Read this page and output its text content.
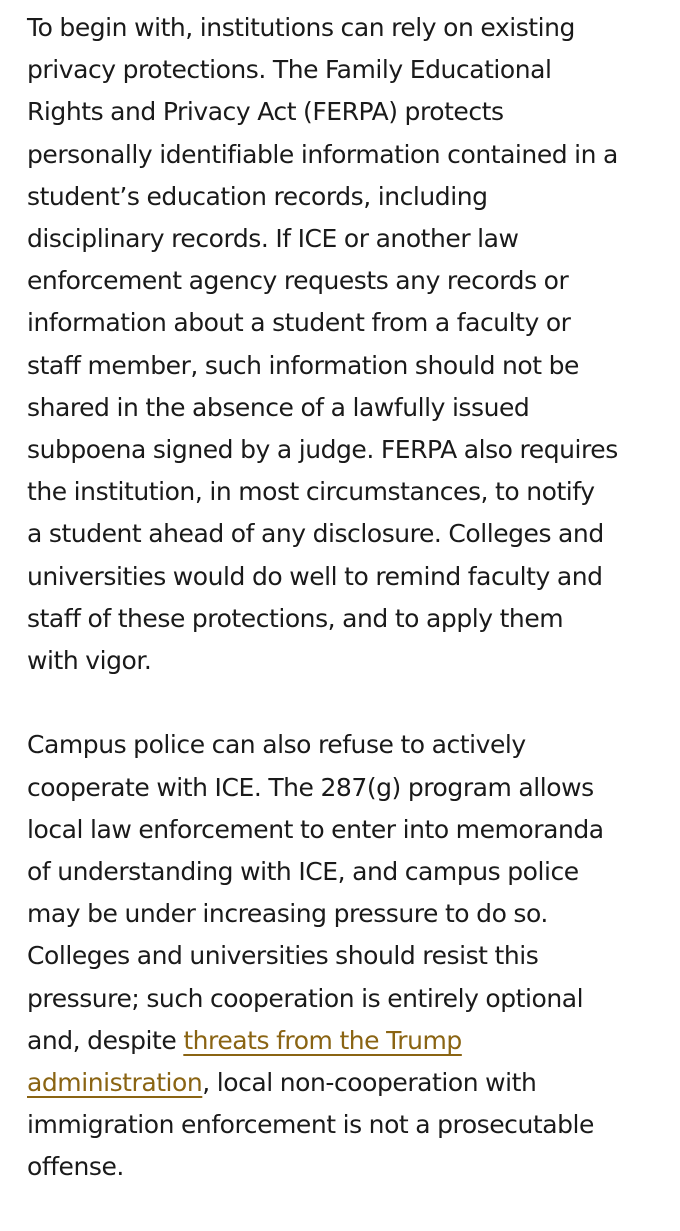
To begin with, institutions can rely on existing
privacy protections. The Family Educational
Rights and Privacy Act (FERPA) protects
personally identifiable information contained in a
student’s education records, including
disciplinary records. If ICE or another law
enforcement agency requests any records or
information about a student from a faculty or
staff member, such information should not be
shared in the absence of a lawfully issued
subpoena signed by a judge. FERPA also requires
the institution, in most circumstances, to notify
a student ahead of any disclosure. Colleges and
universities would do well to remind faculty and
staff of these protections, and to apply them
with vigor.

Campus police can also refuse to actively
cooperate with ICE. The 287(g) program allows
local law enforcement to enter into memoranda
of understanding with ICE, and campus police
may be under increasing pressure to do so.
Colleges and universities should resist this
pressure; such cooperation is entirely optional
and, despite threats from the Trump
administration, local non-cooperation with
immigration enforcement is not a prosecutable
offense.
